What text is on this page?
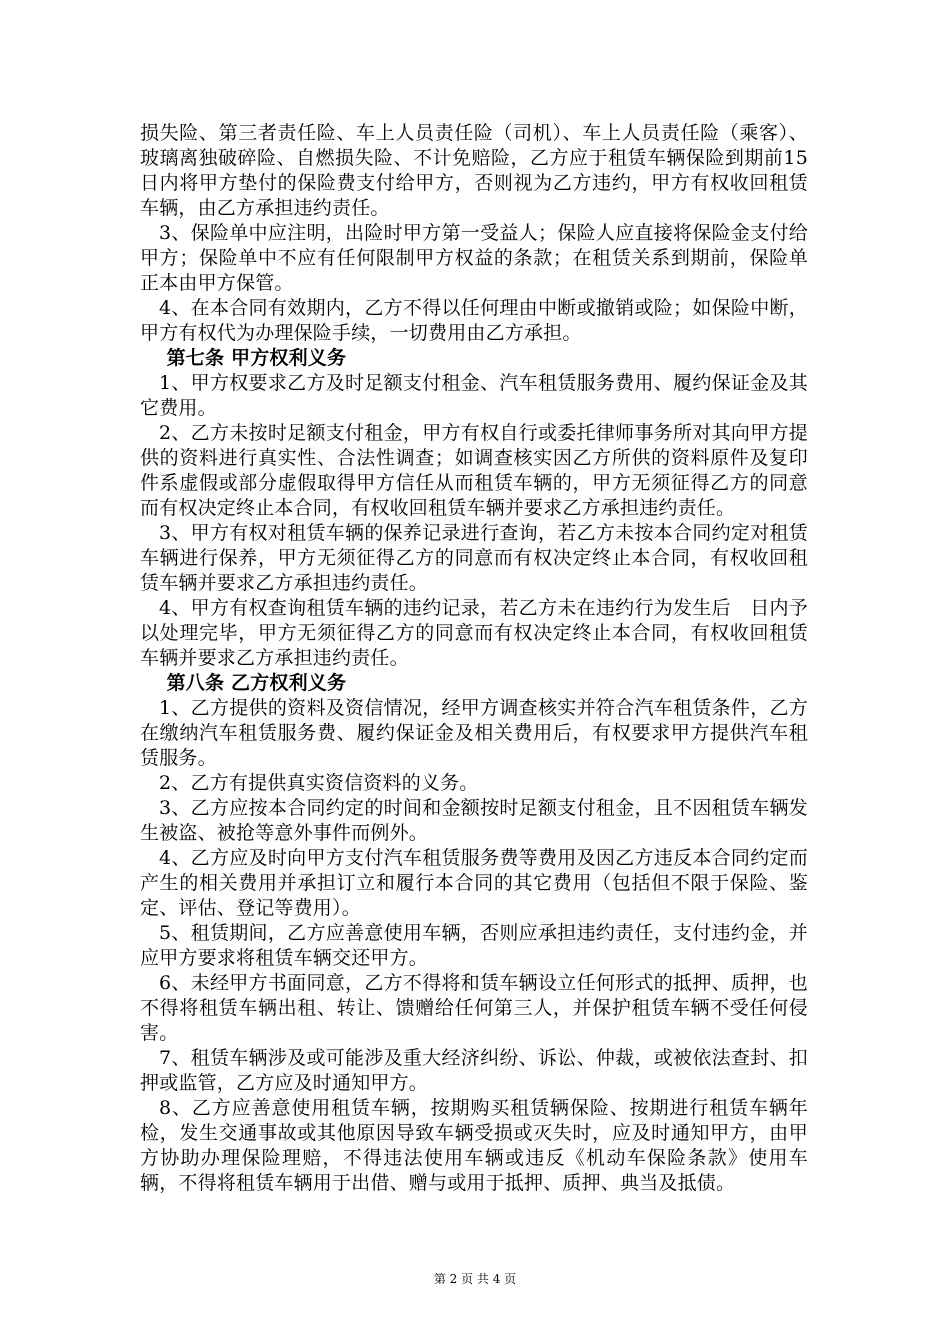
损失险、第三者责任险、车上人员责任险（司机）、车上人员责任险（乘客）、玻璃离独破碎险、自燃损失险、不计免赔险，乙方应于租赁车辆保险到期前15日内将甲方垫付的保险费支付给甲方，否则视为乙方违约，甲方有权收回租赁车辆，由乙方承担违约责任。

3、保险单中应注明，出险时甲方第一受益人；保险人应直接将保险金支付给甲方；保险单中不应有任何限制甲方权益的条款；在租赁关系到期前，保险单正本由甲方保管。

4、在本合同有效期内，乙方不得以任何理由中断或撤销或险；如保险中断，甲方有权代为办理保险手续，一切费用由乙方承担。

第七条 甲方权利义务

1、甲方权要求乙方及时足额支付租金、汽车租赁服务费用、履约保证金及其它费用。

2、乙方未按时足额支付租金，甲方有权自行或委托律师事务所对其向甲方提供的资料进行真实性、合法性调查；如调查核实因乙方所供的资料原件及复印件系虚假或部分虚假取得甲方信任从而租赁车辆的，甲方无须征得乙方的同意而有权决定终止本合同，有权收回租赁车辆并要求乙方承担违约责任。

3、甲方有权对租赁车辆的保养记录进行查询，若乙方未按本合同约定对租赁车辆进行保养，甲方无须征得乙方的同意而有权决定终止本合同，有权收回租赁车辆并要求乙方承担违约责任。

4、甲方有权查询租赁车辆的违约记录，若乙方未在违约行为发生后　日内予以处理完毕，甲方无须征得乙方的同意而有权决定终止本合同，有权收回租赁车辆并要求乙方承担违约责任。

第八条 乙方权利义务

1、乙方提供的资料及资信情况，经甲方调查核实并符合汽车租赁条件，乙方在缴纳汽车租赁服务费、履约保证金及相关费用后，有权要求甲方提供汽车租赁服务。

2、乙方有提供真实资信资料的义务。

3、乙方应按本合同约定的时间和金额按时足额支付租金，且不因租赁车辆发生被盗、被抢等意外事件而例外。

4、乙方应及时向甲方支付汽车租赁服务费等费用及因乙方违反本合同约定而产生的相关费用并承担订立和履行本合同的其它费用（包括但不限于保险、鉴定、评估、登记等费用）。

5、租赁期间，乙方应善意使用车辆，否则应承担违约责任，支付违约金，并应甲方要求将租赁车辆交还甲方。

6、未经甲方书面同意，乙方不得将和赁车辆设立任何形式的抵押、质押，也不得将租赁车辆出租、转让、馈赠给任何第三人，并保护租赁车辆不受任何侵害。

7、租赁车辆涉及或可能涉及重大经济纠纷、诉讼、仲裁，或被依法查封、扣押或监管，乙方应及时通知甲方。

8、乙方应善意使用租赁车辆，按期购买租赁辆保险、按期进行租赁车辆年检，发生交通事故或其他原因导致车辆受损或灭失时，应及时通知甲方，由甲方协助办理保险理赔，不得违法使用车辆或违反《机动车保险条款》使用车辆，不得将租赁车辆用于出借、赠与或用于抵押、质押、典当及抵债。

第 2 页 共 4 页
